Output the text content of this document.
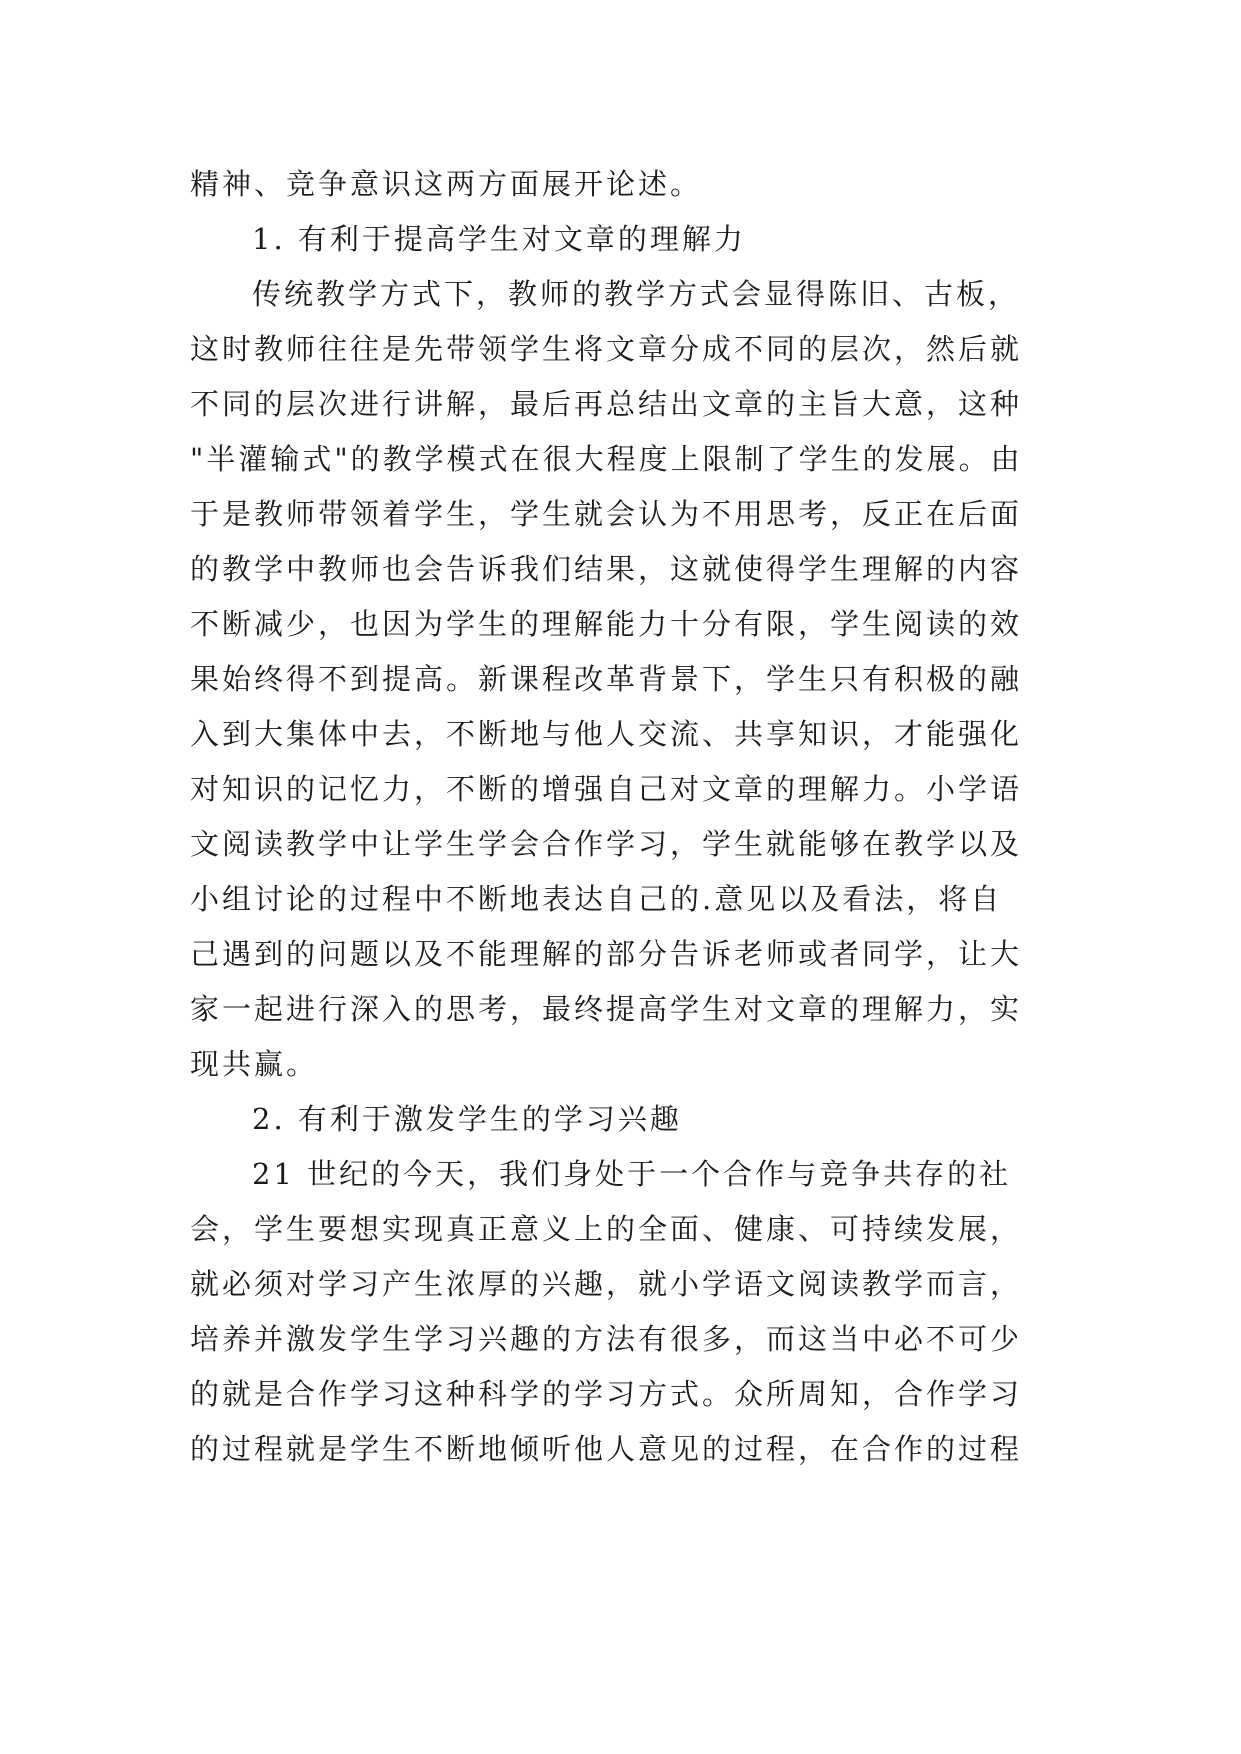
精神、竞争意识这两方面展开论述。
1. 有利于提高学生对文章的理解力
传统教学方式下，教师的教学方式会显得陈旧、古板，
这时教师往往是先带领学生将文章分成不同的层次，然后就
不同的层次进行讲解，最后再总结出文章的主旨大意，这种
"半灌输式"的教学模式在很大程度上限制了学生的发展。由
于是教师带领着学生，学生就会认为不用思考，反正在后面
的教学中教师也会告诉我们结果，这就使得学生理解的内容
不断减少，也因为学生的理解能力十分有限，学生阅读的效
果始终得不到提高。新课程改革背景下，学生只有积极的融
入到大集体中去，不断地与他人交流、共享知识，才能强化
对知识的记忆力，不断的增强自己对文章的理解力。小学语
文阅读教学中让学生学会合作学习，学生就能够在教学以及
小组讨论的过程中不断地表达自己的.意见以及看法，将自
己遇到的问题以及不能理解的部分告诉老师或者同学，让大
家一起进行深入的思考，最终提高学生对文章的理解力，实
现共赢。
2. 有利于激发学生的学习兴趣
21 世纪的今天，我们身处于一个合作与竞争共存的社
会，学生要想实现真正意义上的全面、健康、可持续发展，
就必须对学习产生浓厚的兴趣，就小学语文阅读教学而言，
培养并激发学生学习兴趣的方法有很多，而这当中必不可少
的就是合作学习这种科学的学习方式。众所周知，合作学习
的过程就是学生不断地倾听他人意见的过程，在合作的过程
